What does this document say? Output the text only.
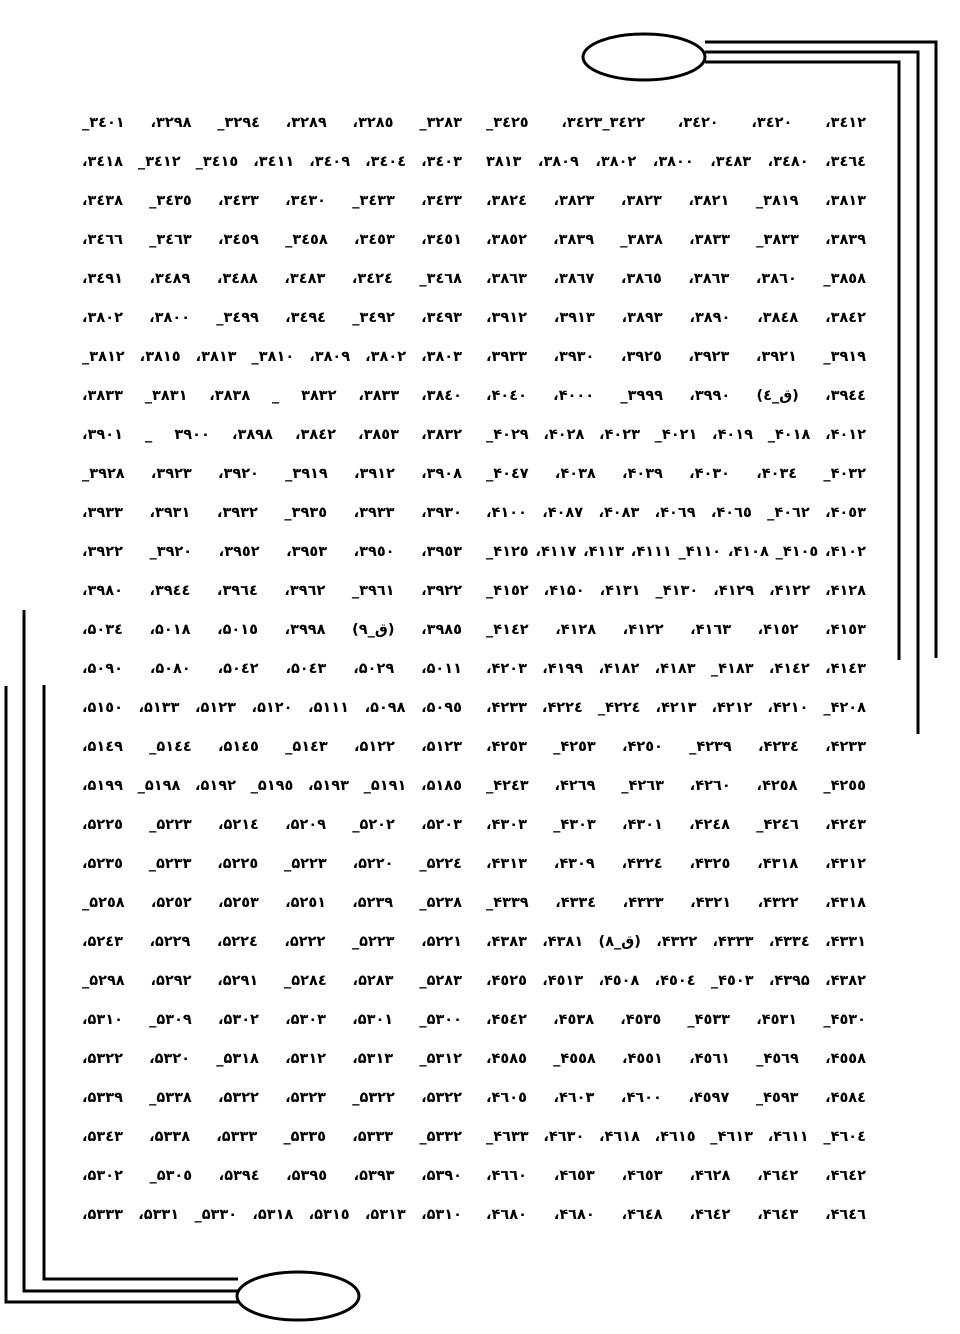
۳٤۱۲، ۳٤۲۰، ۳٤۲۰، ۳٤۲۲_۳٤۲۳، ۳٤۲٥_
۳٤٦٤، ۳٤۸۰، ۳٤۸۳، ۳۸۰۰، ۳۸۰۲، ۳۸۰۹، ۳۸۱۳
۳۸۱۳، ۳۸۱۹_ ۳۸۲۱، ۳۸۲۳، ۳۸۲۳، ۳۸۲٤،
۳۸۳۹، ۳۸۳۳_ ۳۸۳۳، ۳۸۳۸_ ۳۸۳۹، ۳۸٥۲،
۳۸٥۸_ ۳۸٦۰، ۳۸٦۳، ۳۸٦٥، ۳۸٦۷، ۳۸٦۳،
۳۸٤۲، ۳۸٤۸، ۳۸۹۰، ۳۸۹۳، ۳۹۱۳، ۳۹۱۲،
۳۹۱۹_ ۳۹۲۱، ۳۹۲۳، ۳۹۲٥، ۳۹۳۰، ۳۹۳۳،
۳۹٤٤، (ق_٤) ۳۹۹۰، ۳۹۹۹_ ۴۰۰۰، ۴۰٤۰،
۴۰۱۲، ۴۰۱۸_ ۴۰۱۹، ۴۰۲۱_ ۴۰۲۳، ۴۰۲۸، ۴۰۲۹_
۴۰۳۲_ ۴۰۳٤، ۴۰۳۰، ۴۰۳۹، ۴۰۳۸، ۴۰٤۷_
۴۰٥۳، ۴۰٦۲_ ۴۰٦٥، ۴۰٦۹، ۴۰۸۳، ۴۰۸۷، ۴۱۰۰،
۴۱۰۲، ۴۱۰٥_ ۴۱۰۸، ۴۱۱۰_ ۴۱۱۱، ۴۱۱۳، ۴۱۱۷، ۴۱۲٥_
۴۱۲۸، ۴۱۲۲، ۴۱۲۹، ۴۱۳۰_ ۴۱۳۱، ۴۱۵۰، ۴۱٥۲_
۴۱٥۳، ۴۱٥۲، ۴۱٦۳، ۴۱۲۲، ۴۱۲۸، ۴۱٤۲_
۴۱٤۳، ۴۱٤۲، ۴۱۸۳_ ۴۱۸۳، ۴۱۸۲، ۴۱۹۹، ۴۲۰۳،
۴۲۰۸_ ۴۲۱۰، ۴۲۱۲، ۴۲۱۳، ۴۲۲٤_ ۴۲۲٤، ۴۲۳۳،
۴۲۳۳، ۴۲۳٤، ۴۲۳۹_ ۴۲٥۰، ۴۲٥۳_ ۴۲٥۳،
۴۲٥٥_ ۴۲٥۸، ۴۲٦۰، ۴۲٦۳_ ۴۲٦۹، ۴۲٤۳_
۴۲٤۳، ۴۲٤٦_ ۴۲٤۸، ۴۳۰۱، ۴۳۰۳_ ۴۳۰۳،
۴۳۱۲، ۴۳۱۸، ۴۳۲٥، ۴۳۲٤، ۴۳۰۹، ۴۳۱۳،
۴۳۱۸، ۴۳۲۲، ۴۳۲۱، ۴۳۳۳، ۴۳۳٤، ۴۳۳۹_
۴۳۳۱، ۴۳۳٤، ۴۳۳۳، ۴۳۲۲، (ق_۸) ۴۳۸۱، ۴۳۸۳،
۴۳۸۲، ۴۳۹۵، ۴٥۰۳_ ۴٥۰٤، ۴٥۰۸، ۴٥۱۳، ۴٥۲٥،
۴٥۳۰_ ۴٥۳۱، ۴٥۳۳_ ۴٥۳٥، ۴٥۳۸، ۴٥٤۲،
۴٥٥۸، ۴٥٦۹_ ۴٥٦۱، ۴٥٥۱، ۴٥٥۸_ ۴٥۸٥،
۴٥٨٤، ۴٥۹۳_ ۴٥۹۷، ۴٦۰۰، ۴٦۰۳، ۴٦۰٥،
۴٦۰٤_ ۴٦۱۱، ۴٦۱۳_ ۴٦۱٥، ۴٦۱۸، ۴٦۳۰، ۴٦۳۳_
۴٦٤۲، ۴٦٤۲، ۴٦۲۸، ۴٦٥۳، ۴٦٥۳، ۴٦٦۰،
۴٦٤٦، ۴٦٤۳، ۴٦٤٢، ۴٦٤۸، ۴٦۸۰، ۴٦۸۰،
۳۲۸۳_ ۳۲۸٥، ۳۲۸۹، ۳۲۹٤_ ۳۲۹۸، ۳٤۰۱_
۳٤۰۳، ۳٤۰٤، ۳٤۰۹، ۳٤۱۱، ۳٤۱٥_ ۳٤۱۲_ ۳٤۱۸،
۳٤۳۳، ۳٤۳۳_ ۳٤۳۰، ۳٤۳۳، ۳٤۳٥_ ۳٤۳۸،
۳٤٥۱، ۳٤٥۳، ۳٤٥۸_ ۳٤٥۹، ۳٤٦۳_ ۳٤٦٦،
۳٤٦۸_ ۳٤۲٤، ۳٤۸۳، ۳٤۸۸، ۳٤۸۹، ۳٤۹۱،
۳٤۹۳، ۳٤۹۲_ ۳٤۹٤، ۳٤۹۹_ ۳۸۰۰، ۳۸۰۲،
۳۸۰۳، ۳۸۰۲، ۳۸۰۹، ۳۸۱۰_ ۳۸۱۳، ۳۸۱٥، ۳۸۱۲_
۳۸٤۰، ۳۸۳۳، ۳۸۳۲ _ ۳۸۳۸، ۳۸۳۱_ ۳۸۳۳،
۳۸۳۲، ۳۸٥۳، ۳۸٤۲، ۳۸۹۸، ۳۹۰۰ _ ۳۹۰۱،
۳۹۰۸، ۳۹۱۲، ۳۹۱۹_ ۳۹۲۰، ۳۹۲۳، ۳۹۲۸_
۳۹۳۰، ۳۹۳۳، ۳۹۳٥_ ۳۹۳۲، ۳۹۳۱، ۳۹۳۳،
۳۹٥۳، ۳۹٥۰، ۳۹٥۳، ۳۹٥۲، ۳۹۲۰_ ۳۹۲۲،
۳۹۲۲، ۳۹٦۱_ ۳۹٦۲، ۳۹٦٤، ۳۹٤٤، ۳۹۸۰،
۳۹۸٥، (ق_۹) ۳۹۹۸، ۵۰۱٥، ۵۰۱۸، ۵۰۳٤،
۵۰۱۱، ۵۰۲۹، ۵۰٤۳، ۵۰٤۲، ۵۰۸۰، ۵۰۹۰،
۵۰۹٥، ۵۰۹۸، ۵۱۱۱، ۵۱۲۰، ۵۱۲۳، ۵۱۳۳، ۵۱٥۰،
۵۱۲۳، ۵۱۲۲، ۵۱٤۳_ ۵۱٤٥، ۵۱٤٤_ ۵۱٤۹،
۵۱۸٥، ۵۱۹۱_ ۵۱۹۳، ۵۱۹٥_ ۵۱۹۲، ۵۱۹۸_ ۵۱۹۹،
۵۲۰۳، ۵۲۰۲_ ۵۲۰۹، ۵۲۱٤، ۵۲۲۳_ ۵۲۲٥،
۵۲۲٤_ ۵۲۲۰، ۵۲۲۳_ ۵۲۲٥، ۵۲۳۳_ ۵۲۳٥،
۵۲۳۸_ ۵۲۳۹، ۵۲٥۱، ۵۲٥۳، ۵۲٥۲، ۵۲٥۸_
۵۲۲۱، ۵۲۲۳_ ۵۲۲۲، ۵۲۲٤، ۵۲۲۹، ۵۲٤۳،
۵۲۸۳_ ۵۲۸۳، ۵۲٨٤_ ۵۲۹۱، ۵۲۹۲، ۵۲۹۸_
۵۳۰۰_ ۵۳۰۱، ۵۳۰۳، ۵۳۰۲، ۵۳۰۹_ ۵۳۱۰،
۵۳۱۲_ ۵۳۱۳، ۵۳۱۲، ۵۳۱۸_ ۵۳۲۰، ۵۳۲۲،
۵۳۲۲، ۵۳۲۲_ ۵۳۲۳، ۵۳۲۲، ۵۳۳۸_ ۵۳۳۹،
۵۳۳۲_ ۵۳۳۳، ۵۳۳٥_ ۵۳۳۳، ۵۳۳۸، ۵۳٤۳،
۵۳۹۰، ۵۳۹۳، ۵۳۹٥، ۵۳۹٤، ۵۳۰٥_ ۵۳۰۲،
۵۳۱۰، ۵۳۱۳، ۵۳۱٥، ۵۳۱۸، ۵۳۳۰_ ۵۳۳۱، ۵۳۳۳،
